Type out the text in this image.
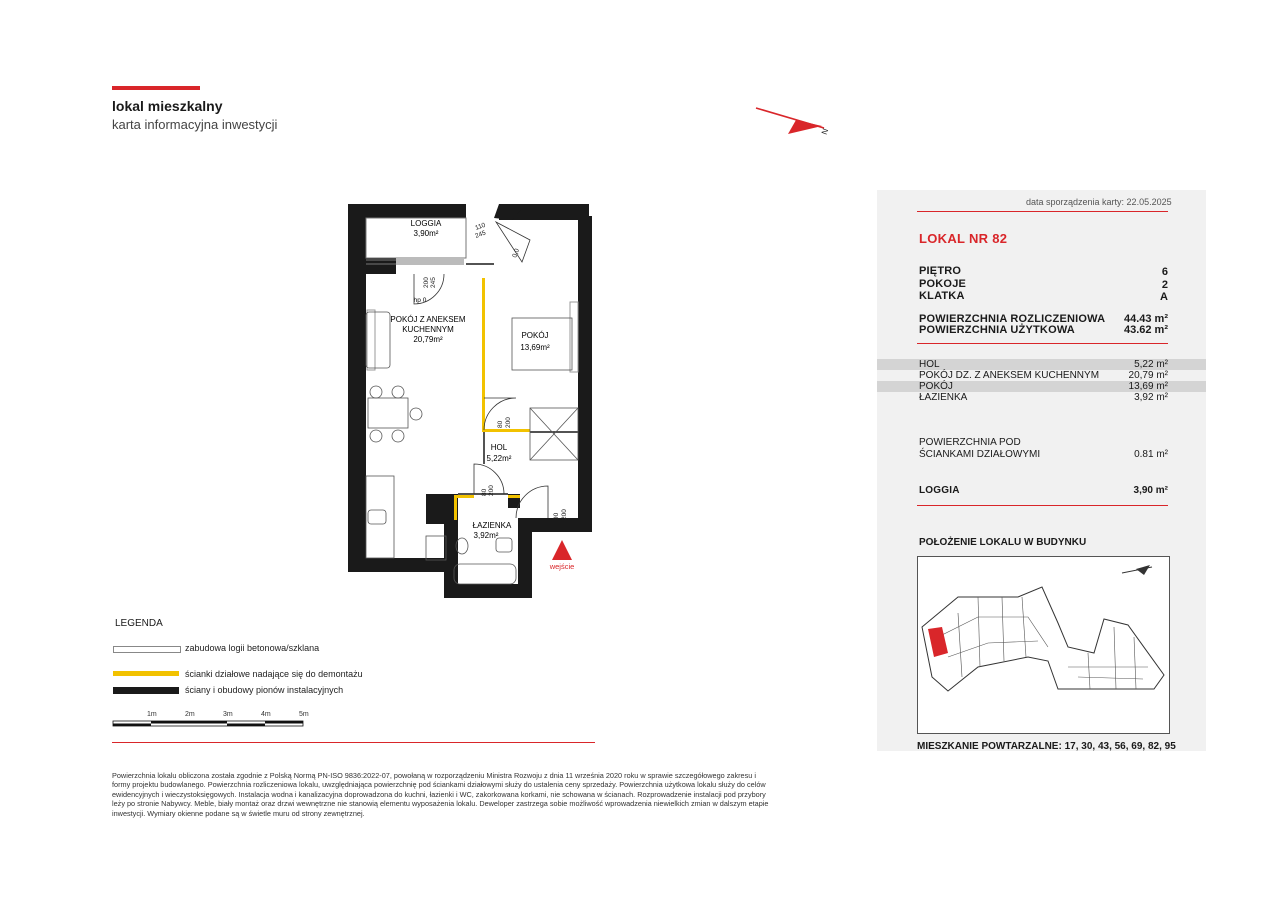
lokal mieszkalny
karta informacyjna inwestycji	N
LOGGIA
3,90m²
POKÓJ Z ANEKSEM
KUCHENNYM
20,79m²	POKÓJ
13,69m²
HOL
5,22m²
ŁAZIENKA
3,92m²
wejście
hp 0
110
245
200 245
0,0
80 200
80 200
90 200
LEGENDA
zabudowa logii betonowa/szklana
ścianki działowe nadające się do demontażu
ściany i obudowy pionów instalacyjnych
1m	2m	3m	4m	5m
Powierzchnia lokalu obliczona została zgodnie z Polską Normą PN-ISO 9836:2022-07, powołaną w rozporządzeniu Ministra Rozwoju z dnia 11 września 2020 roku w sprawie szczegółowego zakresu i formy projektu budowlanego. Powierzchnia rozliczeniowa lokalu, uwzględniająca powierzchnię pod ściankami działowymi służy do ustalenia ceny sprzedaży. Powierzchnia użytkowa lokalu służy do celów ewidencyjnych i wieczystoksięgowych. Instalacja wodna i kanalizacyjna doprowadzona do kuchni, łazienki i WC, zakorkowana korkami, nie schowana w ścianach. Rozprowadzenie instalacji pod przybory leży po stronie Nabywcy. Meble, biały montaż oraz drzwi wewnętrzne nie stanowią elementu wyposażenia lokalu. Deweloper zastrzega sobie możliwość wprowadzenia niewielkich zmian w dalszym etapie inwestycji. Wymiary okienne podane są w świetle muru od strony zewnętrznej.
data sporządzenia karty: 22.05.2025
LOKAL NR 82
PIĘTRO	6
POKOJE	2
KLATKA	A
POWIERZCHNIA ROZLICZENIOWA 44.43 m²
POWIERZCHNIA UŻYTKOWA	43.62 m²
HOL	5,22 m²
POKÓJ DZ. Z ANEKSEM KUCHENNYM	20,79 m²
POKÓJ	13,69 m²
ŁAZIENKA	3,92 m²
POWIERZCHNIA POD
ŚCIANKAMI DZIAŁOWYMI	0.81 m²
LOGGIA	3,90 m²
POŁOŻENIE LOKALU W BUDYNKU
MIESZKANIE POWTARZALNE: 17, 30, 43, 56, 69, 82, 95
